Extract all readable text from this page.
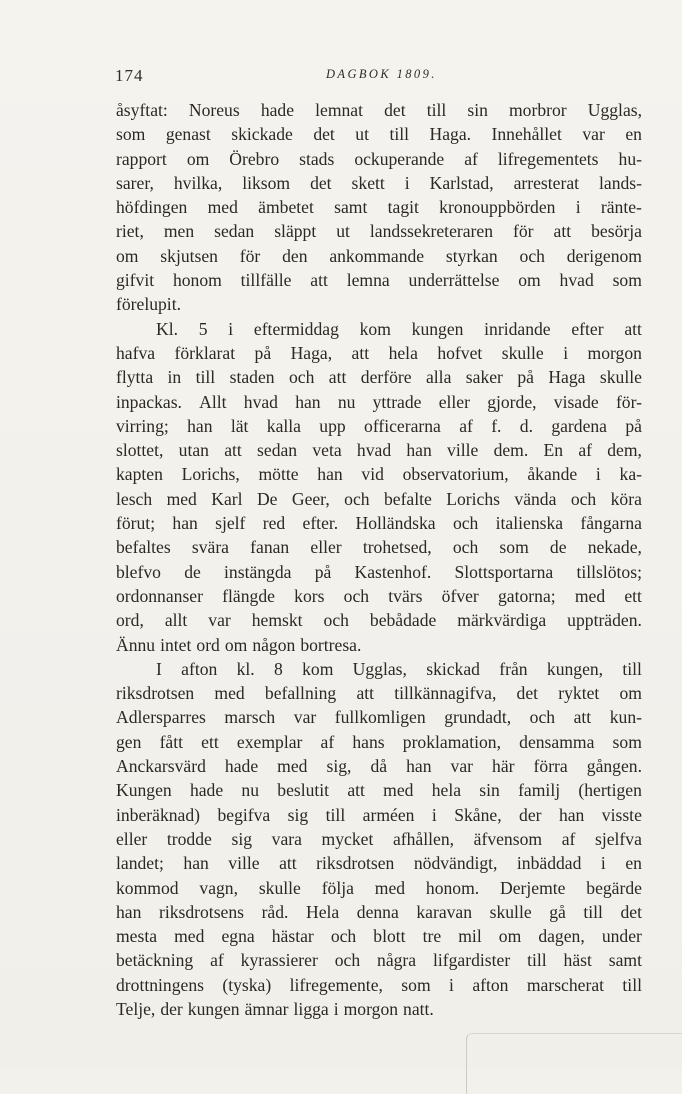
174	DAGBOK 1809.
åsyftat: Noreus hade lemnat det till sin morbror Ugglas,
som genast skickade det ut till Haga. Innehållet var en
rapport om Örebro stads ockuperande af lifregementets hu-
sarer, hvilka, liksom det skett i Karlstad, arresterat lands-
höfdingen med ämbetet samt tagit kronouppbörden i ränte-
riet, men sedan släppt ut landssekreteraren för att besörja
om skjutsen för den ankommande styrkan och derigenom
gifvit honom tillfälle att lemna underrättelse om hvad som
förelupit.
Kl. 5 i eftermiddag kom kungen inridande efter att
hafva förklarat på Haga, att hela hofvet skulle i morgon
flytta in till staden och att derföre alla saker på Haga skulle
inpackas. Allt hvad han nu yttrade eller gjorde, visade för-
virring; han lät kalla upp officerarna af f. d. gardena på
slottet, utan att sedan veta hvad han ville dem. En af dem,
kapten Lorichs, mötte han vid observatorium, åkande i ka-
lesch med Karl De Geer, och befalte Lorichs vända och köra
förut; han sjelf red efter. Holländska och italienska fångarna
befaltes svära fanan eller trohetsed, och som de nekade,
blefvo de instängda på Kastenhof. Slottsportarna tillslötos;
ordonnanser flängde kors och tvärs öfver gatorna; med ett
ord, allt var hemskt och bebådade märkvärdiga uppträden.
Ännu intet ord om någon bortresa.
I afton kl. 8 kom Ugglas, skickad från kungen, till
riksdrotsen med befallning att tillkännagifva, det ryktet om
Adlersparres marsch var fullkomligen grundadt, och att kun-
gen fått ett exemplar af hans proklamation, densamma som
Anckarsvärd hade med sig, då han var här förra gången.
Kungen hade nu beslutit att med hela sin familj (hertigen
inberäknad) begifva sig till arméen i Skåne, der han visste
eller trodde sig vara mycket afhållen, äfvensom af sjelfva
landet; han ville att riksdrotsen nödvändigt, inbäddad i en
kommod vagn, skulle följa med honom. Derjemte begärde
han riksdrotsens råd. Hela denna karavan skulle gå till det
mesta med egna hästar och blott tre mil om dagen, under
betäckning af kyrassierer och några lifgardister till häst samt
drottningens (tyska) lifregemente, som i afton marscherat till
Telje, der kungen ämnar ligga i morgon natt.
